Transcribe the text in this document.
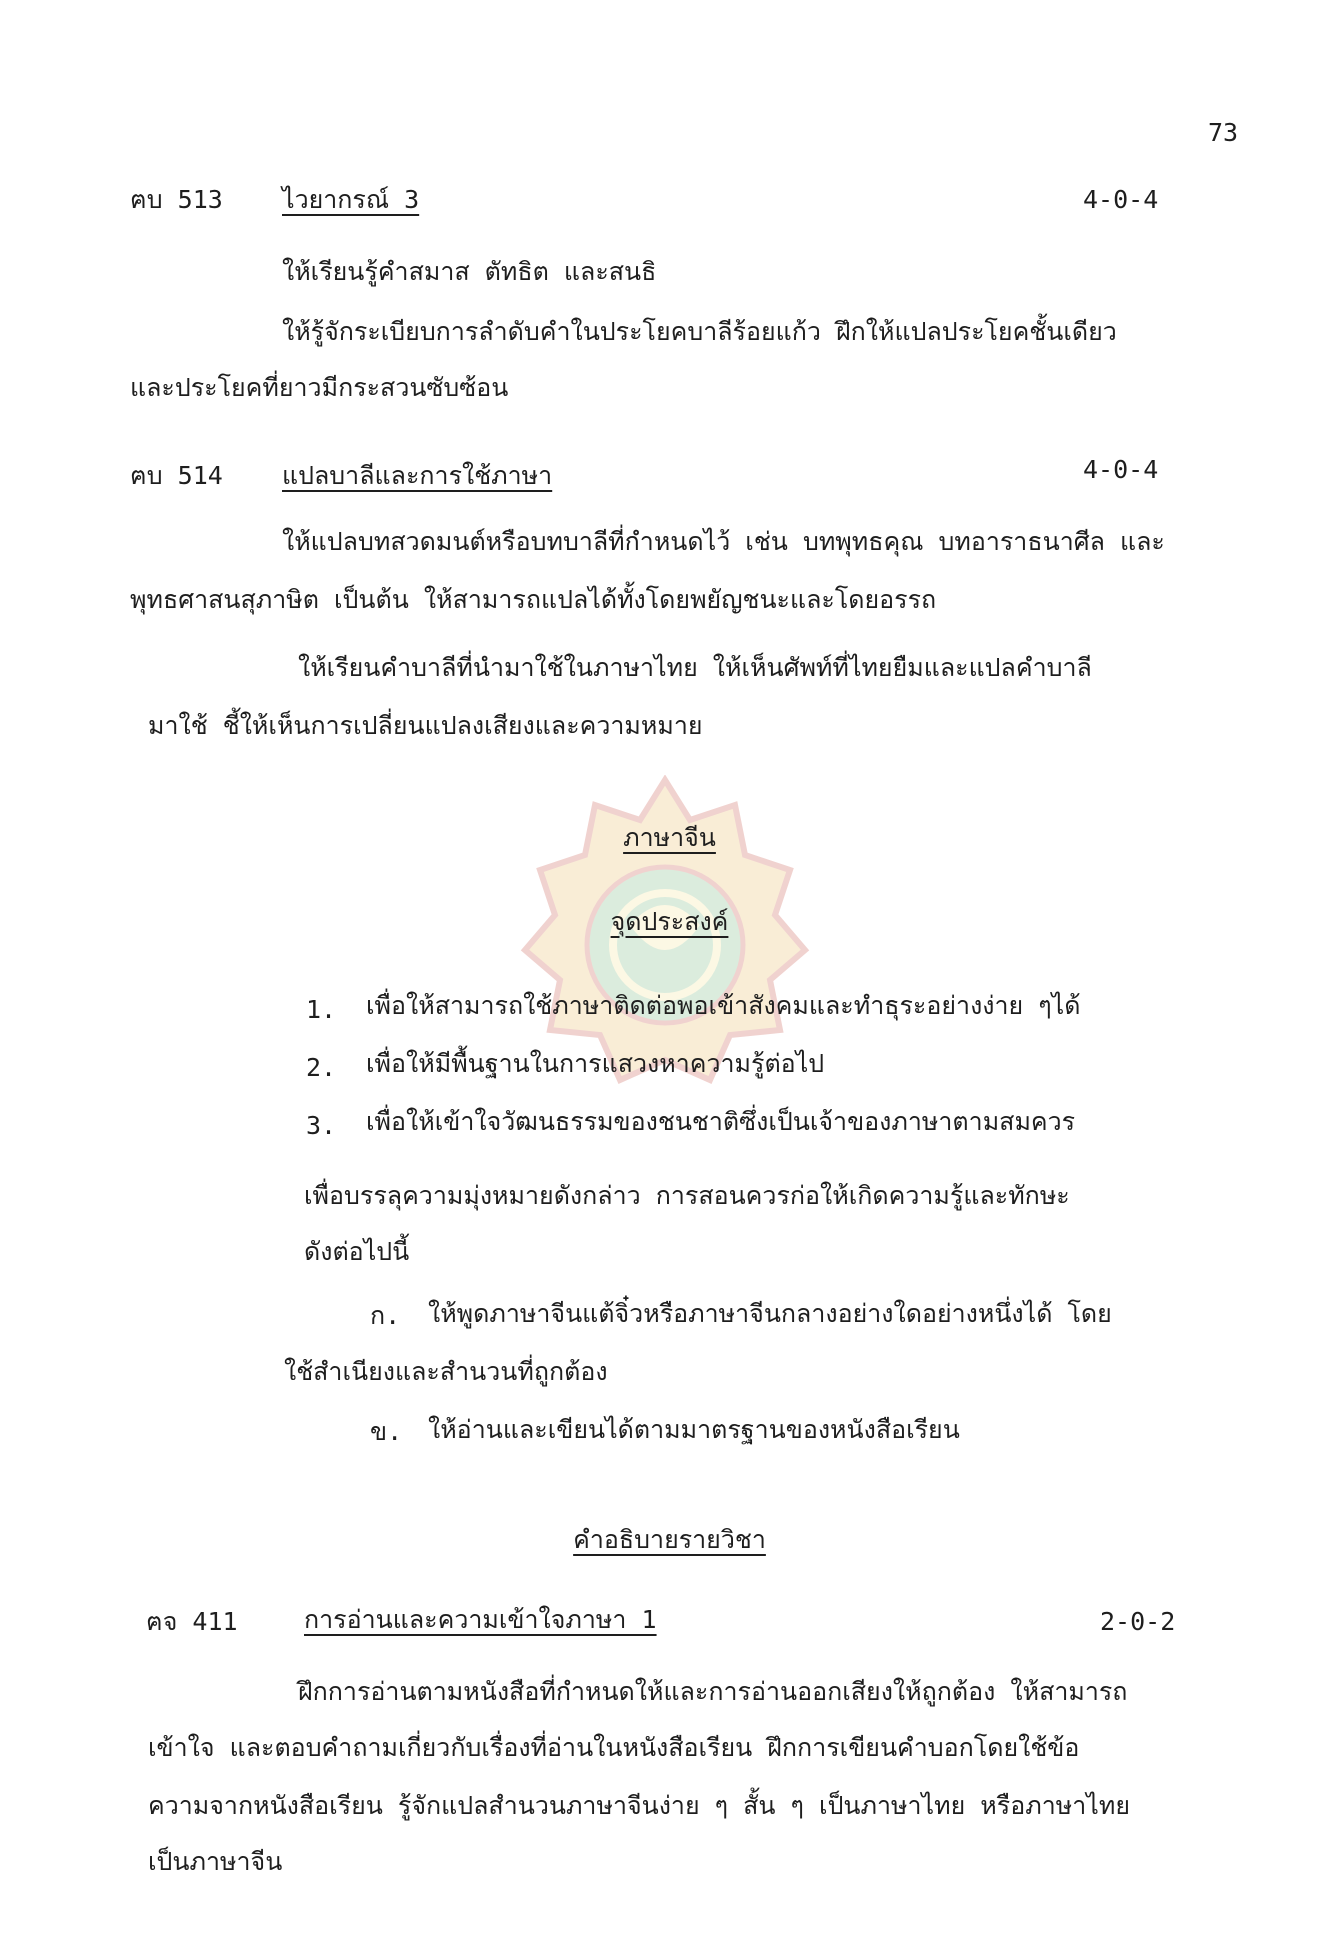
73
ฅบ 513 ไวยากรณ์ 3	4-0-4
ให้เรียนรู้คำสมาส ตัทธิต และสนธิ
ให้รู้จักระเบียบการลำดับคำในประโยคบาลีร้อยแก้ว ฝึกให้แปลประโยคชั้นเดียว
และประโยคที่ยาวมีกระสวนซับซ้อน
ฅบ 514 แปลบาลีและการใช้ภาษา	4-0-4
ให้แปลบทสวดมนต์หรือบทบาลีที่กำหนดไว้ เช่น บทพุทธคุณ บทอาราธนาศีล และ
พุทธศาสนสุภาษิต เป็นต้น ให้สามารถแปลได้ทั้งโดยพยัญชนะและโดยอรรถ
ให้เรียนคำบาลีที่นำมาใช้ในภาษาไทย ให้เห็นศัพท์ที่ไทยยืมและแปลคำบาลี
มาใช้ ชี้ให้เห็นการเปลี่ยนแปลงเสียงและความหมาย
ภาษาจีน
จุดประสงค์
1. เพื่อให้สามารถใช้ภาษาติดต่อพอเข้าสังคมและทำธุระอย่างง่าย ๆได้
2. เพื่อให้มีพื้นฐานในการแสวงหาความรู้ต่อไป
3. เพื่อให้เข้าใจวัฒนธรรมของชนชาติซึ่งเป็นเจ้าของภาษาตามสมควร
เพื่อบรรลุความมุ่งหมายดังกล่าว การสอนควรก่อให้เกิดความรู้และทักษะ
ดังต่อไปนี้
ก. ให้พูดภาษาจีนแต้จิ๋วหรือภาษาจีนกลางอย่างใดอย่างหนึ่งได้ โดย
ใช้สำเนียงและสำนวนที่ถูกต้อง
ข. ให้อ่านและเขียนได้ตามมาตรฐานของหนังสือเรียน
คำอธิบายรายวิชา
ฅจ 411	การอ่านและความเข้าใจภาษา 1	2-0-2
ฝึกการอ่านตามหนังสือที่กำหนดให้และการอ่านออกเสียงให้ถูกต้อง ให้สามารถ
เข้าใจ และตอบคำถามเกี่ยวกับเรื่องที่อ่านในหนังสือเรียน ฝึกการเขียนคำบอกโดยใช้ข้อ
ความจากหนังสือเรียน รู้จักแปลสำนวนภาษาจีนง่าย ๆ สั้น ๆ เป็นภาษาไทย หรือภาษาไทย
เป็นภาษาจีน
